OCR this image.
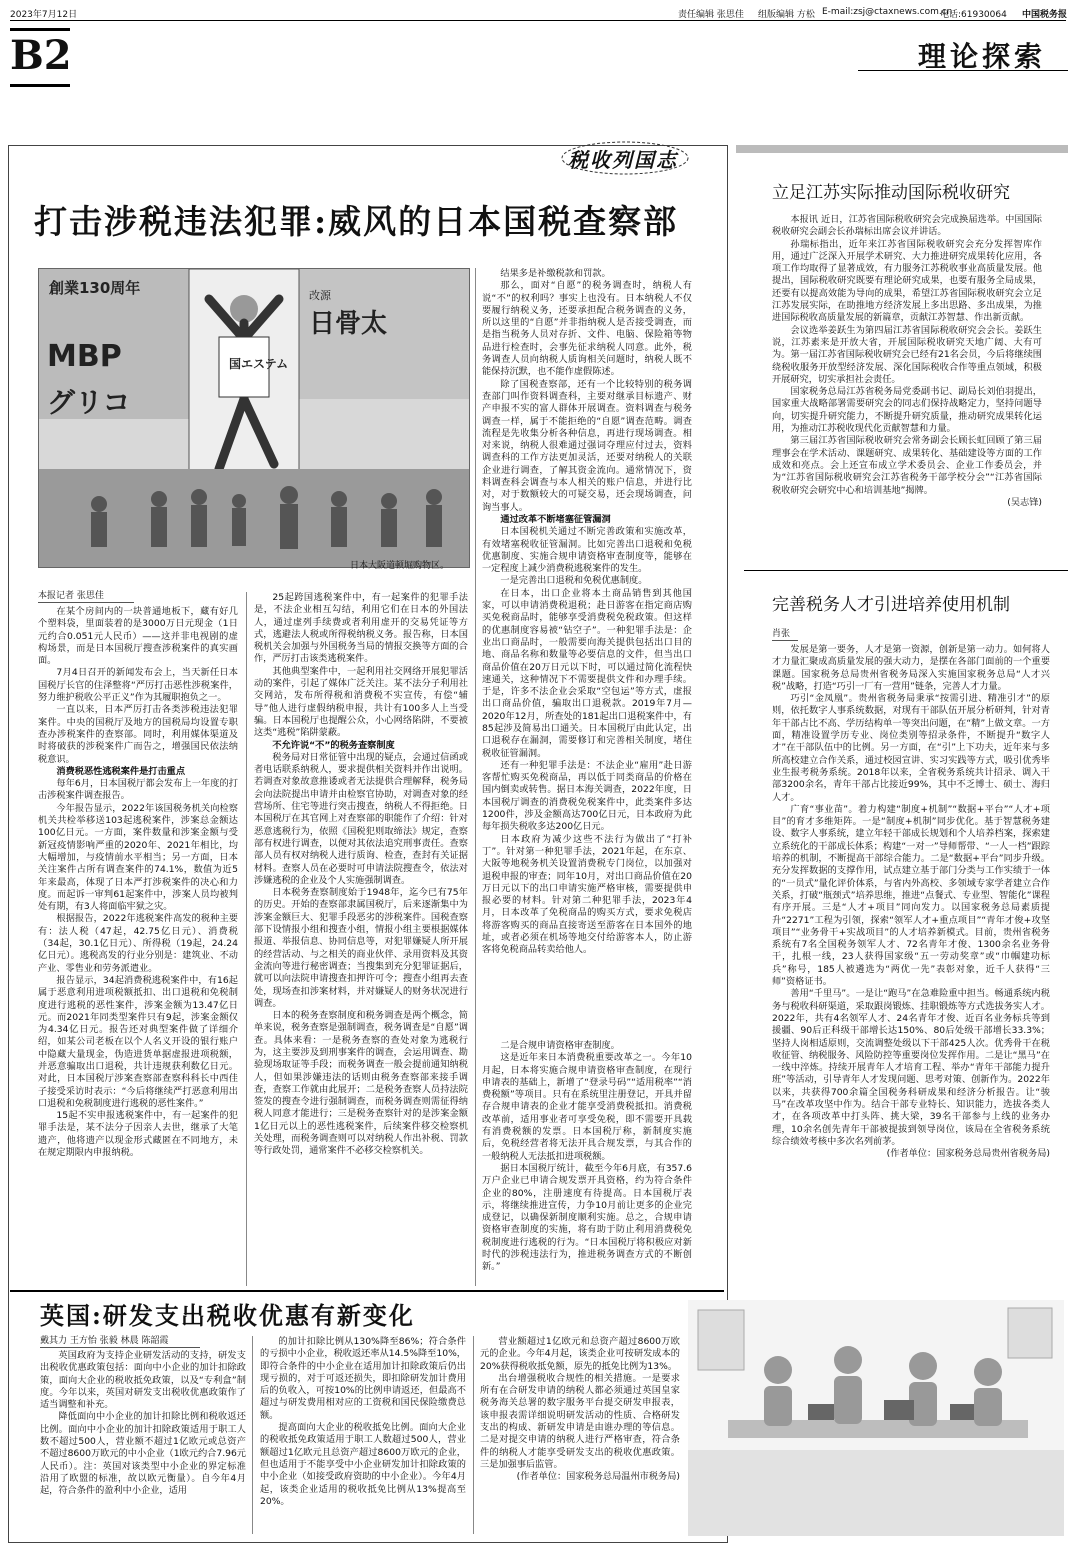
2023年7月12日	责任编辑 张思佳 组版编辑 方松 E-mail:zsj@ctaxnews.com.cn
电话:61930064 中国税务报
B2	理论探索
税收列国志
打击涉税违法犯罪:威风的日本国税查察部
創業130周年	改源
日骨太
MBP
グリコ
国エステム
日本大阪道顿堀购物区。
本报记者 张思佳

在某个房间内的一块普通地板下，藏有好几个塑料袋，里面装着的是3000万日元现金（1日元约合0.051元人民币）——这并非电视剧的虚构场景，而是日本国税厅搜查涉税案件的真实画面。

7月4日召开的新闻发布会上，当天新任日本国税厅长官的住泽整将“严厉打击恶性涉税案件，努力维护税收公平正义”作为其履职抱负之一。

一直以来，日本严厉打击各类涉税违法犯罪案件。中央的国税厅及地方的国税局均设置专职查办涉税案件的查察部。同时，利用媒体渠道及时将破获的涉税案件广而告之，增强国民依法纳税意识。

消费税恶性逃税案件是打击重点

每年6月，日本国税厅都会发布上一年度的打击涉税案件调查报告。

今年报告显示，2022年该国税务机关向检察机关共检举移送103起逃税案件，涉案总金额达100亿日元。一方面，案件数量和涉案金额与受新冠疫情影响严重的2020年、2021年相比，均大幅增加，与疫情前水平相当；另一方面，日本关注案件占所有调查案件的74.1%，数值为近5年来最高，体现了日本严打涉税案件的决心和力度。而起诉一审判61起案件中，涉案人员均被判处有期，有3人将面临牢狱之灾。

根据报告，2022年逃税案件高发的税种主要有：法人税（47起，42.75亿日元）、消费税（34起，30.1亿日元）、所得税（19起，24.24亿日元）。逃税高发的行业分别是：建筑业、不动产业、零售业和劳务派遣业。

报告显示，34起消费税逃税案件中，有16起属于恶意利用进项税额抵扣、出口退税和免税制度进行逃税的恶性案件，涉案金额为13.47亿日元。而2021年同类型案件只有9起，涉案金额仅为4.34亿日元。报告还对典型案件做了详细介绍，如某公司老板在以个人名义开设的银行账户中隐藏大量现金，伪造进货单据虚报进项税额，并恶意骗取出口退税，共计违规获利数亿日元。对此，日本国税厅涉案查察部查察科科长中西佳子接受采访时表示：“今后将继续严打恶意利用出口退税和免税制度进行逃税的恶性案件。”

15起不实申报逃税案件中，有一起案件的犯罪手法是，某不法分子因亲人去世，继承了大笔遗产，他将遗产以现金形式藏匿在不同地方，未在规定期限内申报纳税。

25起跨国逃税案件中，有一起案件的犯罪手法是，不法企业相互勾结，利用它们在日本的外国法人，通过虚列手续费或者利用虚开的交易凭证等方式，逃避法人税或所得税纳税义务。报告称，日本国税机关会加强与外国税务当局的情报交换等方面的合作，严厉打击该类逃税案件。

其他典型案件中，一起利用社交网络开展犯罪活动的案件，引起了媒体广泛关注。某不法分子利用社交网站，发布所得税和消费税不实宣传，有偿“辅导”他人进行虚假纳税申报，共计有100多人上当受骗。日本国税厅也提醒公众，小心网络陷阱，不要被这类“逃税”陷阱蒙蔽。

不允许说“不”的税务查察制度

税务局对日常征管中出现的疑点，会通过信函或者电话联系纳税人，要求提供相关资料并作出说明。若调查对象故意推诿或者无法提供合理解释，税务局会向法院提出申请并由检察官协助，对调查对象的经营场所、住宅等进行突击搜查，纳税人不得拒绝。日本国税厅在其官网上对查察部的职能作了介绍：针对恶意逃税行为，依照《国税犯则取缔法》规定，查察部有权进行调查，以便对其依法追究刑事责任。查察部人员有权对纳税人进行质询、检查，查封有关证据材料。查察人员在必要时可申请法院搜查令，依法对涉嫌逃税的企业及个人实施强制调查。

日本税务查察制度始于1948年，迄今已有75年的历史。开始的查察部隶属国税厅，后来逐渐集中为涉案金额巨大、犯罪手段恶劣的涉税案件。国税查察部下设情报小组和搜查小组，情报小组主要根据媒体报道、举报信息、协同信息等，对犯罪嫌疑人所开展的经营活动、与之相关的商业伙伴、录用资料及其资金流向等进行秘密调查；当搜集到充分犯罪证据后，就可以向法院申请搜查扣押许可令；搜查小组再去查处，现场查扣涉案材料，并对嫌疑人的财务状况进行调查。

日本的税务查察制度和税务调查是两个概念，简单来说，税务查察是强制调查，税务调查是“自愿”调查。具体来看：一是税务查察的查处对象为逃税行为，这主要涉及到刑事案件的调查，会运用调查、勘验现场取证等手段；而税务调查一般会提前通知纳税人，但如果涉嫌违法的话则由税务查察部来接手调查，查察工作就由此展开；二是税务查察人员持法院签发的搜查令进行强制调查，而税务调查则需征得纳税人同意才能进行；三是税务查察针对的是涉案金额1亿日元以上的恶性逃税案件，后续案件移交检察机关处理，而税务调查则可以对纳税人作出补税、罚款等行政处罚，通常案件不必移交检察机关。

结果多是补缴税款和罚款。

那么，面对“自愿”的税务调查时，纳税人有说“不”的权利吗？事实上也没有。日本纳税人不仅要履行纳税义务，还要承担配合税务调查的义务，所以这里的“自愿”并非指纳税人是否接受调查，而是指当税务人员对存折、文件、电脑、保险箱等物品进行检查时，会事先征求纳税人同意。此外，税务调查人员向纳税人质询相关问题时，纳税人既不能保持沉默，也不能作虚假陈述。

除了国税查察部，还有一个比较特别的税务调查部门叫作资料调查科，主要对继承目标遗产、财产申报不实的富人群体开展调查。资料调查与税务调查一样，属于不能拒绝的“自愿”调查范畴。调查流程是先收集分析各种信息，再进行现场调查。相对来说，纳税人很难通过强词夺理应付过去，资料调查科的工作方法更加灵活，还要对纳税人的关联企业进行调查，了解其资金流向。通常情况下，资料调查科会调查与本人相关的账户信息，并进行比对，对于数额较大的可疑交易，还会现场调查，问询当事人。

通过改革不断堵塞征管漏洞

日本国税机关通过不断完善政策和实施改革，有效堵塞税收征管漏洞。比如完善出口退税和免税优惠制度、实施合规申请资格审查制度等，能够在一定程度上减少消费税逃税案件的发生。

一是完善出口退税和免税优惠制度。

在日本，出口企业将本土商品销售到其他国家，可以申请消费税退税；赴日游客在指定商店购买免税商品时，能够享受消费税免税政策。但这样的优惠制度容易被“钻空子”。一种犯罪手法是：企业出口商品时，一般需要向海关提供包括出口目的地、商品名称和数量等必要信息的文件，但当出口商品价值在20万日元以下时，可以通过简化流程快速通关，这种情况下不需要提供文件和办理手续。于是，许多不法企业会采取“空包运”等方式，虚报出口商品价值，骗取出口退税款。2019年7月—2020年12月，所查处的181起出口退税案件中，有85起涉及简易出口通关。日本国税厅由此认定，出口退税存在漏洞，需要修订和完善相关制度，堵住税收征管漏洞。

还有一种犯罪手法是：不法企业“雇用”赴日游客帮忙购买免税商品，再以低于同类商品的价格在国内倒卖或转售。据日本海关调查，2022年度，日本国税厅调查的消费税免税案件中，此类案件多达1200件，涉及金额高达700亿日元，日本政府为此每年损失税收多达200亿日元。

日本政府为减少这些不法行为做出了“打补丁”。针对第一种犯罪手法，2021年起，在东京、大阪等地税务机关设置消费税专门岗位，以加强对退税申报的审查；同年10月，对出口商品价值在20万日元以下的出口申请实施严格审核，需要提供申报必要的材料。针对第二种犯罪手法，2023年4月，日本改革了免税商品的购买方式，要求免税店将游客购买的商品直接寄送至游客在日本国外的地址，或者必须在机场等地交付给游客本人，防止游客将免税商品转卖给他人。

二是合规申请资格审查制度。

这是近年来日本消费税重要改革之一。今年10月起，日本将实施合规申请资格审查制度，在现行申请表的基础上，新增了“登录号码”“适用税率”“消费税额”等项目。只有在系统里注册登记，开具并留存合规申请表的企业才能享受消费税抵扣。消费税改革前，适用事业者可享受免税，即不需要开具载有消费税额的发票。日本国税厅称，新制度实施后，免税经营者将无法开具合规发票，与其合作的一般纳税人无法抵扣进项税额。

据日本国税厅统计，截至今年6月底，有357.6万户企业已申请合规发票开具资格，约为符合条件企业的80%，注册速度有待提高。日本国税厅表示，将继续推进宣传，力争10月前让更多的企业完成登记，以确保新制度顺利实施。总之，合规申请资格审查制度的实施，将有助于防止利用消费税免税制度进行逃税的行为。“日本国税厅将积极应对新时代的涉税违法行为，推进税务调查方式的不断创新。”

英国:研发支出税收优惠有新变化
戴其力 王方怡 张毅 林晨 陈韶霞

英国政府为支持企业研发活动的支持，研发支出税收优惠政策包括：面向中小企业的加计扣除政策，面向大企业的税收抵免政策，以及“专利盒”制度。今年以来，英国对研发支出税收优惠政策作了适当调整和补充。

降低面向中小企业的加计扣除比例和税收返还比例。面向中小企业的加计扣除政策适用于职工人数不超过500人，营业额不超过1亿欧元或总资产不超过8600万欧元的中小企业（1欧元约合7.96元人民币）。注：英国对该类型中小企业的界定标准沿用了欧盟的标准，故以欧元衡量）。自今年4月起，符合条件的盈利中小企业，适用

的加计扣除比例从130%降至86%；符合条件的亏损中小企业，税收返还率从14.5%降至10%，即符合条件的中小企业在适用加计扣除政策后仍出现亏损的，对于可返还损失，即扣除研发加计费用后的负收入，可按10%的比例申请返还，但最高不超过与研发费用相对应的工资税和国民保险缴费总额。

提高面向大企业的税收抵免比例。面向大企业的税收抵免政策适用于职工人数超过500人，营业额超过1亿欧元且总资产超过8600万欧元的企业，但也适用于不能享受中小企业研发加计扣除政策的中小企业（如接受政府资助的中小企业）。今年4月起，该类企业适用的税收抵免比例从13%提高至20%。

营业额超过1亿欧元和总资产超过8600万欧元的企业。今年4月起，该类企业可按研发成本的20%获得税收抵免额，原先的抵免比例为13%。

出台增强税收合规性的相关措施。一是要求所有在合研发申请的纳税人都必须通过英国皇家税务海关总署的数字服务平台提交研发申报表，该申报表需详细说明研发活动的性质、合格研发支出的构成、新研发申请是由谁办理的等信息。二是对提交申请的纳税人进行严格审查，符合条件的纳税人才能享受研发支出的税收优惠政策。三是加强事后监管。

(作者单位：国家税务总局温州市税务局)

立足江苏实际推动国际税收研究

本报讯 近日，江苏省国际税收研究会完成换届选举。中国国际税收研究会副会长孙瑞标出席会议并讲话。

孙瑞标指出，近年来江苏省国际税收研究会充分发挥智库作用，通过广泛深入开展学术研究、大力推进研究成果转化应用，各项工作均取得了显著成效，有力服务江苏税收事业高质量发展。他提出，国际税收研究既要有理论研究成果，也要有服务全局成果，还要有以提高效能为导向的成果，希望江苏省国际税收研究会立足江苏发展实际，在助推地方经济发展上多出思路、多出成果，为推进国际税收高质量发展的新篇章，贡献江苏智慧、作出新贡献。

会议选举姜跃生为第四届江苏省国际税收研究会会长。姜跃生说，江苏素来是开放大省，开展国际税收研究天地广阔、大有可为。第一届江苏省国际税收研究会已经有21名会员，今后将继续围绕税收服务开放型经济发展、深化国际税收合作等重点领域，积极开展研究，切实承担社会责任。

国家税务总局江苏省税务局党委副书记、副局长刘伯羽提出，国家重大战略部署需要研究会的同志们保持战略定力，坚持问题导向，切实提升研究能力，不断提升研究质量，推动研究成果转化运用，为推动江苏税收现代化贡献智慧和力量。

第三届江苏省国际税收研究会常务副会长顾长虹回顾了第三届理事会在学术活动、课题研究、成果转化、基础建设等方面的工作成效和亮点。会上还宣布成立学术委员会、企业工作委员会，并为“江苏省国际税收研究会江苏省税务干部学校分会”“江苏省国际税收研究会研究中心和培训基地”揭牌。

(吴志锋)

完善税务人才引进培养使用机制
肖张

发展是第一要务，人才是第一资源，创新是第一动力。如何将人才力量汇聚成高质量发展的强大动力，是摆在各部门面前的一个重要课题。国家税务总局贵州省税务局深入实施国家税务总局“人才兴税”战略，打造“巧引一厂有一营用”链条，完善人才力量。

巧引“金凤凰”。贵州省税务局秉承“按需引进、精准引才”的原则，依托数字人事系统数据，对现有干部队伍开展分析研判，针对青年干部占比不高、学历结构单一等突出问题，在“精”上做文章。一方面，精准设置学历专业、岗位类别等招录条件，不断提升“数字人才”在干部队伍中的比例。另一方面，在“引”上下功夫，近年来与多所高校建立合作关系，通过校园宣讲、实习实践等方式，吸引优秀毕业生报考税务系统。2018年以来，全省税务系统共计招录、调入干部3200余名，青年干部占比接近99%，其中不乏博士、硕士、海归人才。

广育“事业苗”。着力构建“制度+机制”“数据+平台”“人才+项目”的育才多维矩阵。一是“制度+机制”同步优化。基于智慧税务建设、数字人事系统，建立年轻干部成长规划和个人培养档案，探索建立系统化的干部成长体系；构建“一对一”导师帮带、“一人一档”跟踪培养的机制，不断提高干部综合能力。二是“数据+平台”同步升级。充分发挥数据的支撑作用，试点建立基于部门分类与工作实绩于一体的“一员式”量化评价体系，与省内外高校、多领域专家学者建立合作关系，打破“瓶颈式”培养思维，推进“点餐式、专业型、智能化”课程有序开展。三是“人才+项目”同向发力。以国家税务总局素质提升“2271”工程为引领，探索“领军人才+重点项目”“青年才俊+攻坚项目”“业务骨干+实战项目”的人才培养新模式。目前，贵州省税务系统有7名全国税务领军人才、72名青年才俊、1300余名业务骨干，扎根一线，23人获得国家级“五一劳动奖章”或“巾帼建功标兵”称号，185人被遴选为“两优一先”表彰对象，近千人获得“三师”资格证书。

善用“千里马”。一是让“跑马”在急难险重中担当。畅通系统内税务与税收科研渠道，采取跟岗锻炼、挂职锻炼等方式选拔务实人才。2022年，共有4名领军人才、24名青年才俊、近百名业务标兵等到援疆、90后正科级干部增长达150%、80后处级干部增长33.3%；坚持人岗相适原则，交流调整处级以下干部425人次。优秀骨干在税收征管、纳税服务、风险防控等重要岗位发挥作用。二是让“黑马”在一线中淬炼。持续开展青年人才培育工程、举办“青年干部能力提升班”等活动，引导青年人才发现问题、思考对策、创新作为。2022年以来，共获得700余篇全国税务科研成果和经济分析报告。让“骏马”在改革攻坚中作为。结合干部专业特长、知识能力，选拔各类人才，在各项改革中打头阵、挑大梁，39名干部参与上线的业务办理，10余名创先青年干部被提拔到领导岗位，该局在全省税务系统综合绩效考核中多次名列前茅。

(作者单位：国家税务总局贵州省税务局)
